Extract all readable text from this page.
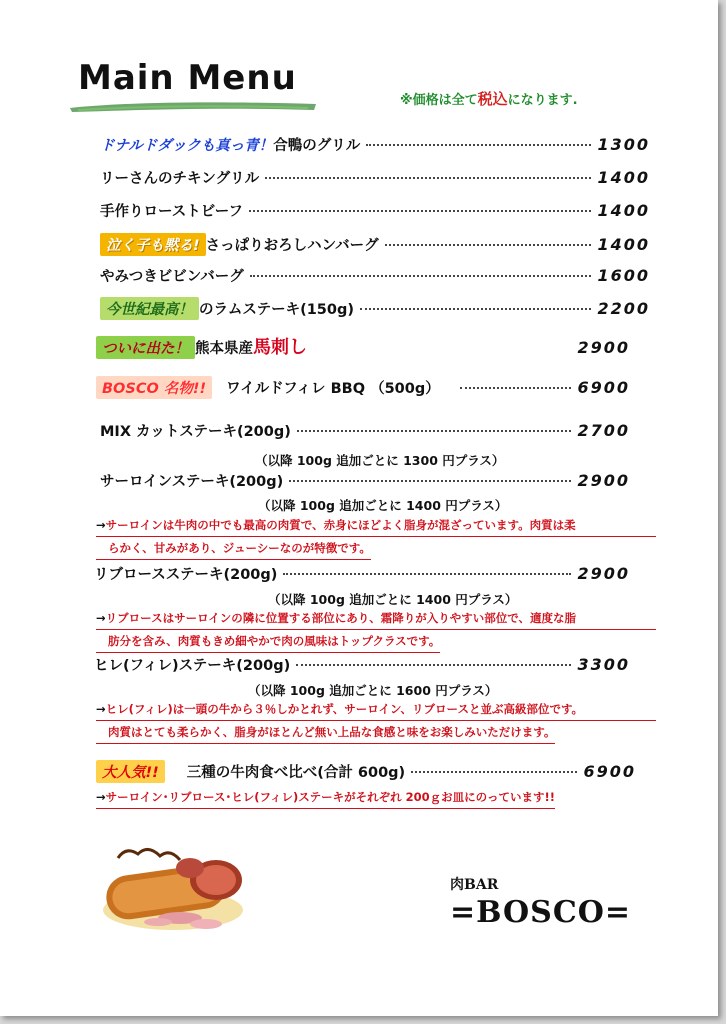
Main Menu
※価格は全て税込になります.
ドナルドダックも真っ青！ 合鴨のグリル	1300
リーさんのチキングリル	1400
手作りローストビーフ	1400
泣く子も黙る! さっぱりおろしハンバーグ	1400
やみつきビビンバーグ	1600
今世紀最高！ のラムステーキ(150g)	2200
ついに出た！ 熊本県産 馬刺し	2900
BOSCO 名物!!	ワイルドフィレ BBQ （500g）	6900
MIX カットステーキ(200g)	2700
（以降 100g 追加ごとに 1300 円プラス）
サーロインステーキ(200g)	2900
（以降 100g 追加ごとに 1400 円プラス）
→サーロインは牛肉の中でも最高の肉質で、赤身にほどよく脂身が混ざっています。肉質は柔
らかく、甘みがあり、ジューシーなのが特徴です。
リブロースステーキ(200g)	2900
（以降 100g 追加ごとに 1400 円プラス）
→リブロースはサーロインの隣に位置する部位にあり、霜降りが入りやすい部位で、適度な脂
肪分を含み、肉質もきめ細やかで肉の風味はトップクラスです。
ヒレ(フィレ)ステーキ(200g)	3300
（以降 100g 追加ごとに 1600 円プラス）
→ヒレ(フィレ)は一頭の牛から３％しかとれず、サーロイン、リブロースと並ぶ高級部位です。
肉質はとても柔らかく、脂身がほとんど無い上品な食感と味をお楽しみいただけます。
大人気!!	三種の牛肉食べ比べ(合計 600g)	6900
→サーロイン･リブロース･ヒレ(フィレ)ステーキがそれぞれ 200ｇお皿にのっています!!
肉BAR
=BOSCO=
